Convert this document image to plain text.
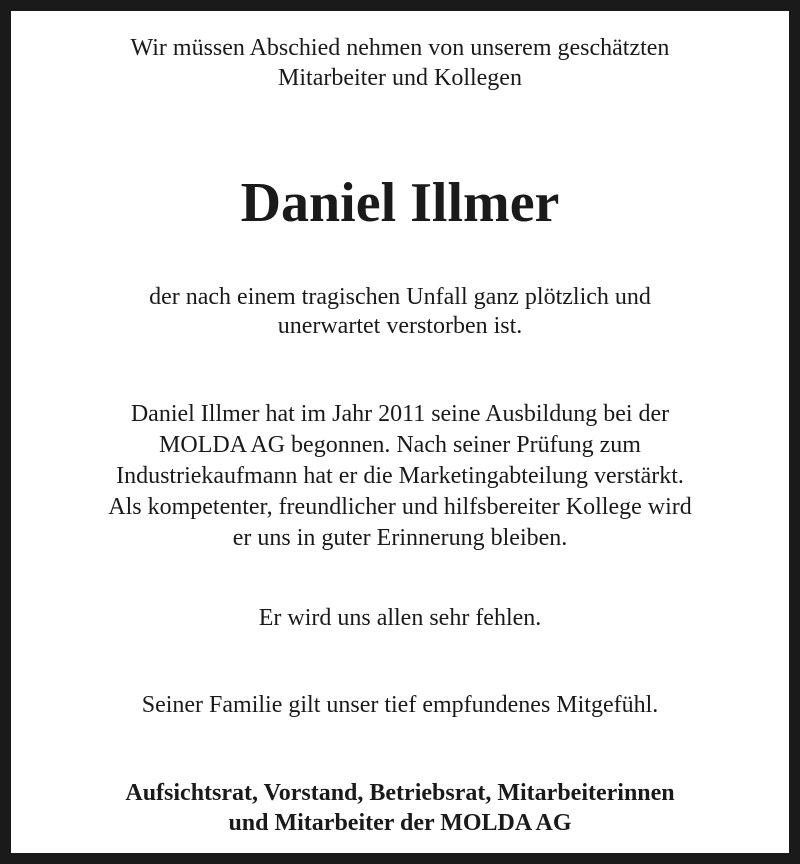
Wir müssen Abschied nehmen von unserem geschätzten
Mitarbeiter und Kollegen
Daniel Illmer
der nach einem tragischen Unfall ganz plötzlich und
unerwartet verstorben ist.
Daniel Illmer hat im Jahr 2011 seine Ausbildung bei der
MOLDA AG begonnen. Nach seiner Prüfung zum
Industriekaufmann hat er die Marketingabteilung verstärkt.
Als kompetenter, freundlicher und hilfsbereiter Kollege wird
er uns in guter Erinnerung bleiben.
Er wird uns allen sehr fehlen.
Seiner Familie gilt unser tief empfundenes Mitgefühl.
Aufsichtsrat, Vorstand, Betriebsrat, Mitarbeiterinnen
und Mitarbeiter der MOLDA AG
